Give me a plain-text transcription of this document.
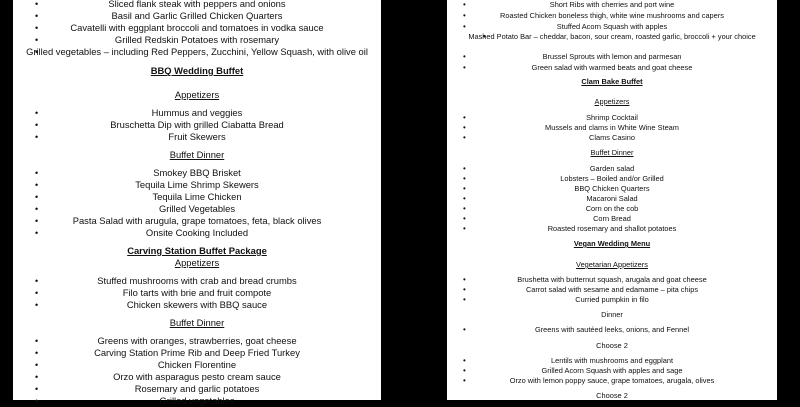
• Sliced flank steak with peppers and onions
• Basil and Garlic Grilled Chicken Quarters
• Cavatelli with eggplant broccoli and tomatoes in vodka sauce
• Grilled Redskin Potatoes with rosemary
• Grilled vegetables – including Red Peppers, Zucchini, Yellow Squash, with olive oil
BBQ Wedding Buffet
Appetizers
• Hummus and veggies
• Bruschetta Dip with grilled Ciabatta Bread
• Fruit Skewers
Buffet Dinner
• Smokey BBQ Brisket
• Tequila Lime Shrimp Skewers
• Tequila Lime Chicken
• Grilled Vegetables
• Pasta Salad with arugula, grape tomatoes, feta, black olives
• Onsite Cooking Included
Carving Station Buffet Package
Appetizers
• Stuffed mushrooms with crab and bread crumbs
• Filo tarts with brie and fruit compote
• Chicken skewers with BBQ sauce
Buffet Dinner
• Greens with oranges, strawberries, goat cheese
• Carving Station Prime Rib and Deep Fried Turkey
• Chicken Florentine
• Orzo with asparagus pesto cream sauce
• Rosemary and garlic potatoes
• Grilled vegetables
• Short Ribs with cherries and port wine
• Roasted Chicken boneless thigh, white wine mushrooms and capers
• Stuffed Acorn Squash with apples
• Mashed Potato Bar – cheddar, bacon, sour cream, roasted garlic, broccoli + your choice
• Brussel Sprouts with lemon and parmesan
• Green salad with warmed beats and goat cheese
Clam Bake Buffet
Appetizers
• Shrimp Cocktail
• Mussels and clams in White Wine Steam
• Clams Casino
Buffet Dinner
• Garden salad
• Lobsters – Boiled and/or Grilled
• BBQ Chicken Quarters
• Macaroni Salad
• Corn on the cob
• Corn Bread
• Roasted rosemary and shallot potatoes
Vegan Wedding Menu
Vegetarian Appetizers
• Brushetta with butternut squash, arugala and goat cheese
• Carrot salad with sesame and edamame – pita chips
• Curried pumpkin in filo
Dinner
• Greens with sautéed leeks, onions, and Fennel
Choose 2
• Lentils with mushrooms and eggplant
• Grilled Acorn Squash with apples and sage
• Orzo with lemon poppy sauce, grape tomatoes, arugala, olives
Choose 2
